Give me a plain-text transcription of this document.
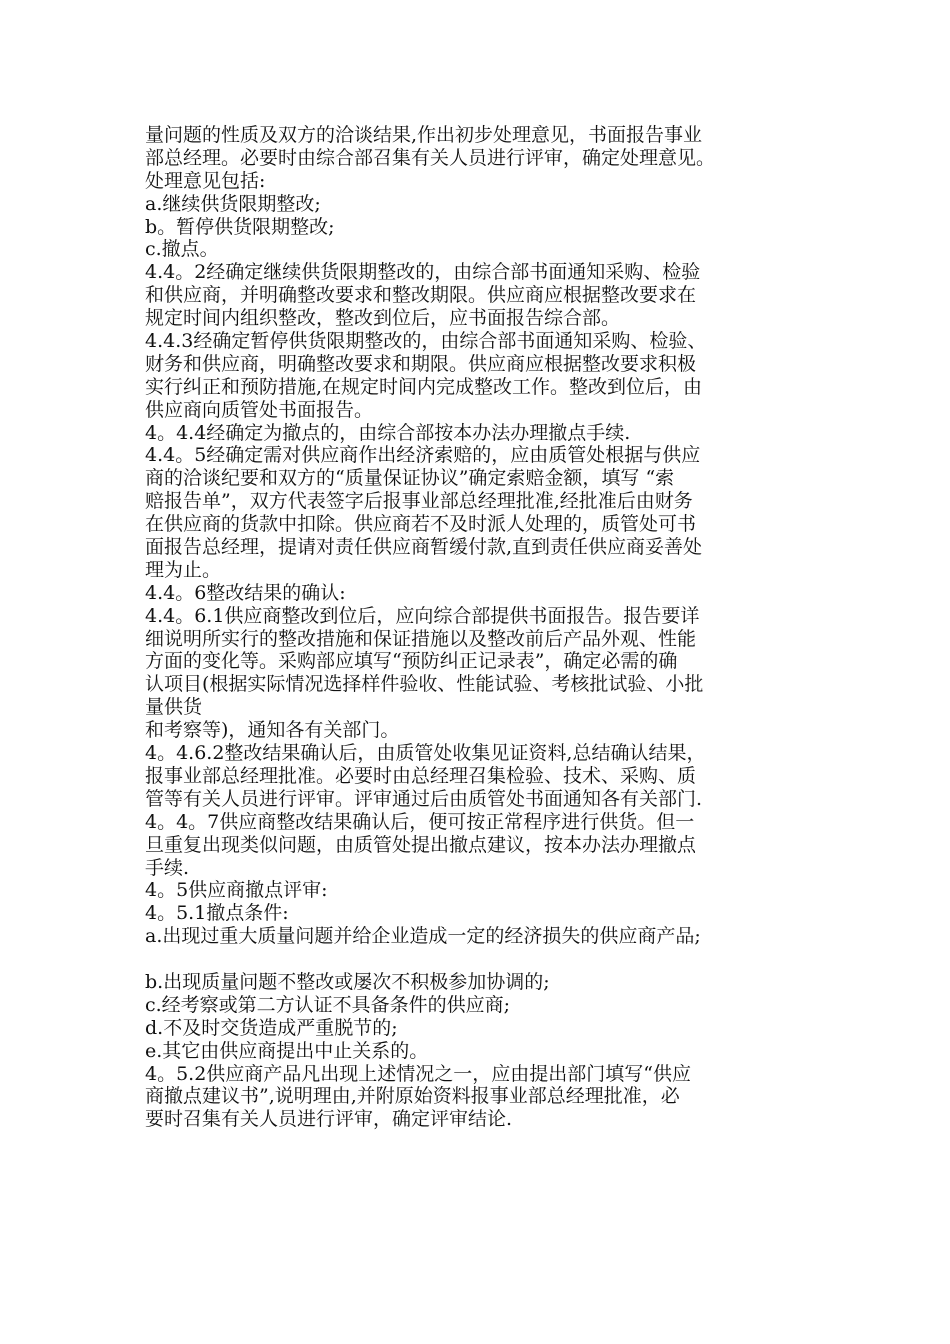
量问题的性质及双方的洽谈结果,作出初步处理意见，书面报告事业
部总经理。必要时由综合部召集有关人员进行评审，确定处理意见。
处理意见包括:
a.继续供货限期整改;
b。暂停供货限期整改;
c.撤点。
4.4。2经确定继续供货限期整改的，由综合部书面通知采购、检验
和供应商，并明确整改要求和整改期限。供应商应根据整改要求在
规定时间内组织整改，整改到位后，应书面报告综合部。
4.4.3经确定暂停供货限期整改的，由综合部书面通知采购、检验、
财务和供应商，明确整改要求和期限。供应商应根据整改要求积极
实行纠正和预防措施,在规定时间内完成整改工作。整改到位后，由
供应商向质管处书面报告。
4。4.4经确定为撤点的，由综合部按本办法办理撤点手续.
4.4。5经确定需对供应商作出经济索赔的，应由质管处根据与供应
商的洽谈纪要和双方的“质量保证协议”确定索赔金额，填写 “索
赔报告单”，双方代表签字后报事业部总经理批准,经批准后由财务
在供应商的货款中扣除。供应商若不及时派人处理的，质管处可书
面报告总经理，提请对责任供应商暂缓付款,直到责任供应商妥善处
理为止。
4.4。6整改结果的确认:
4.4。6.1供应商整改到位后，应向综合部提供书面报告。报告要详
细说明所实行的整改措施和保证措施以及整改前后产品外观、性能
方面的变化等。采购部应填写“预防纠正记录表”，确定必需的确
认项目(根据实际情况选择样件验收、性能试验、考核批试验、小批
量供货
和考察等)，通知各有关部门。
4。4.6.2整改结果确认后，由质管处收集见证资料,总结确认结果，
报事业部总经理批准。必要时由总经理召集检验、技术、采购、质
管等有关人员进行评审。评审通过后由质管处书面通知各有关部门.
4。4。7供应商整改结果确认后，便可按正常程序进行供货。但一
旦重复出现类似问题，由质管处提出撤点建议，按本办法办理撤点
手续.
4。5供应商撤点评审:
4。5.1撤点条件:
a.出现过重大质量问题并给企业造成一定的经济损失的供应商产品;
b.出现质量问题不整改或屡次不积极参加协调的;
c.经考察或第二方认证不具备条件的供应商;
d.不及时交货造成严重脱节的;
e.其它由供应商提出中止关系的。
4。5.2供应商产品凡出现上述情况之一，应由提出部门填写“供应
商撤点建议书”,说明理由,并附原始资料报事业部总经理批准，必
要时召集有关人员进行评审，确定评审结论.
